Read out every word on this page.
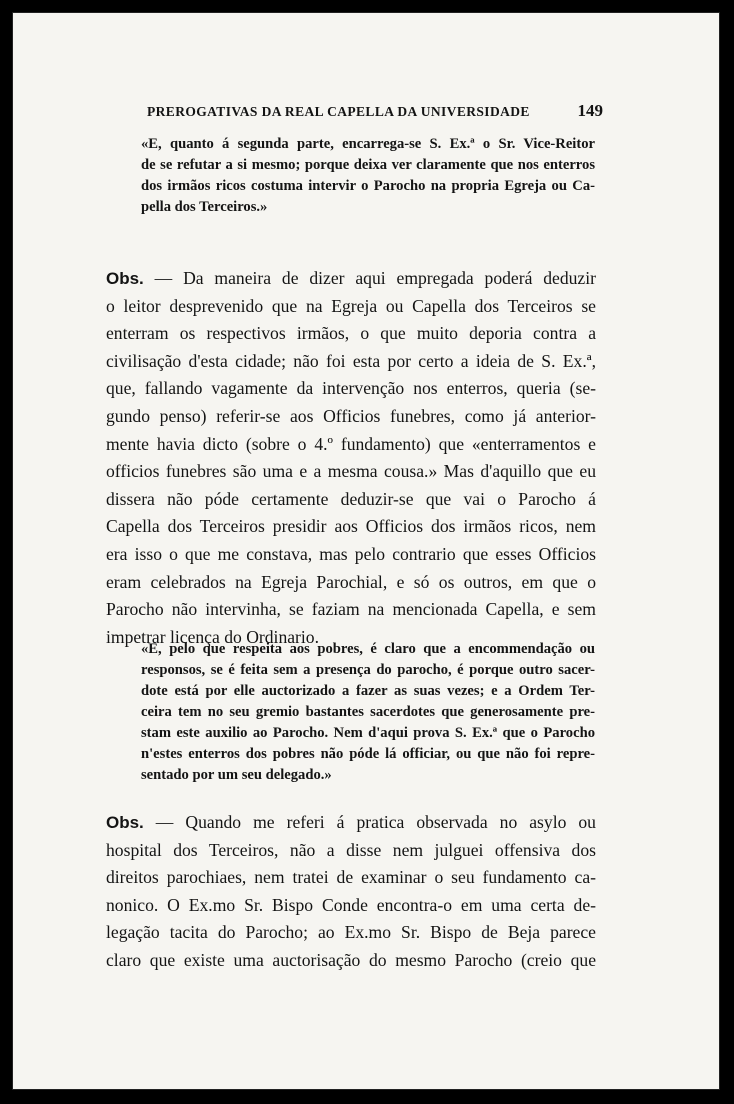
PREROGATIVAS DA REAL CAPELLA DA UNIVERSIDADE	149
«E, quanto á segunda parte, encarrega-se S. Ex.ª o Sr. Vice-Reitor
de se refutar a si mesmo; porque deixa ver claramente que nos enterros
dos irmãos ricos costuma intervir o Parocho na propria Egreja ou Ca-
pella dos Terceiros.»
Obs. — Da maneira de dizer aqui empregada poderá deduzir
o leitor desprevenido que na Egreja ou Capella dos Terceiros se
enterram os respectivos irmãos, o que muito deporia contra a
civilisação d'esta cidade; não foi esta por certo a ideia de S. Ex.ª,
que, fallando vagamente da intervenção nos enterros, queria (se-
gundo penso) referir-se aos Officios funebres, como já anterior-
mente havia dicto (sobre o 4.º fundamento) que «enterramentos e
officios funebres são uma e a mesma cousa.» Mas d'aquillo que eu
dissera não póde certamente deduzir-se que vai o Parocho á
Capella dos Terceiros presidir aos Officios dos irmãos ricos, nem
era isso o que me constava, mas pelo contrario que esses Officios
eram celebrados na Egreja Parochial, e só os outros, em que o
Parocho não intervinha, se faziam na mencionada Capella, e sem
impetrar licença do Ordinario.
«E, pelo que respeita aos pobres, é claro que a encommendação ou
responsos, se é feita sem a presença do parocho, é porque outro sacer-
dote está por elle auctorizado a fazer as suas vezes; e a Ordem Ter-
ceira tem no seu gremio bastantes sacerdotes que generosamente pre-
stam este auxilio ao Parocho. Nem d'aqui prova S. Ex.ª que o Parocho
n'estes enterros dos pobres não póde lá officiar, ou que não foi repre-
sentado por um seu delegado.»
Obs. — Quando me referi á pratica observada no asylo ou
hospital dos Terceiros, não a disse nem julguei offensiva dos
direitos parochiaes, nem tratei de examinar o seu fundamento ca-
nonico. O Ex.mo Sr. Bispo Conde encontra-o em uma certa de-
legação tacita do Parocho; ao Ex.mo Sr. Bispo de Beja parece
claro que existe uma auctorisação do mesmo Parocho (creio que
